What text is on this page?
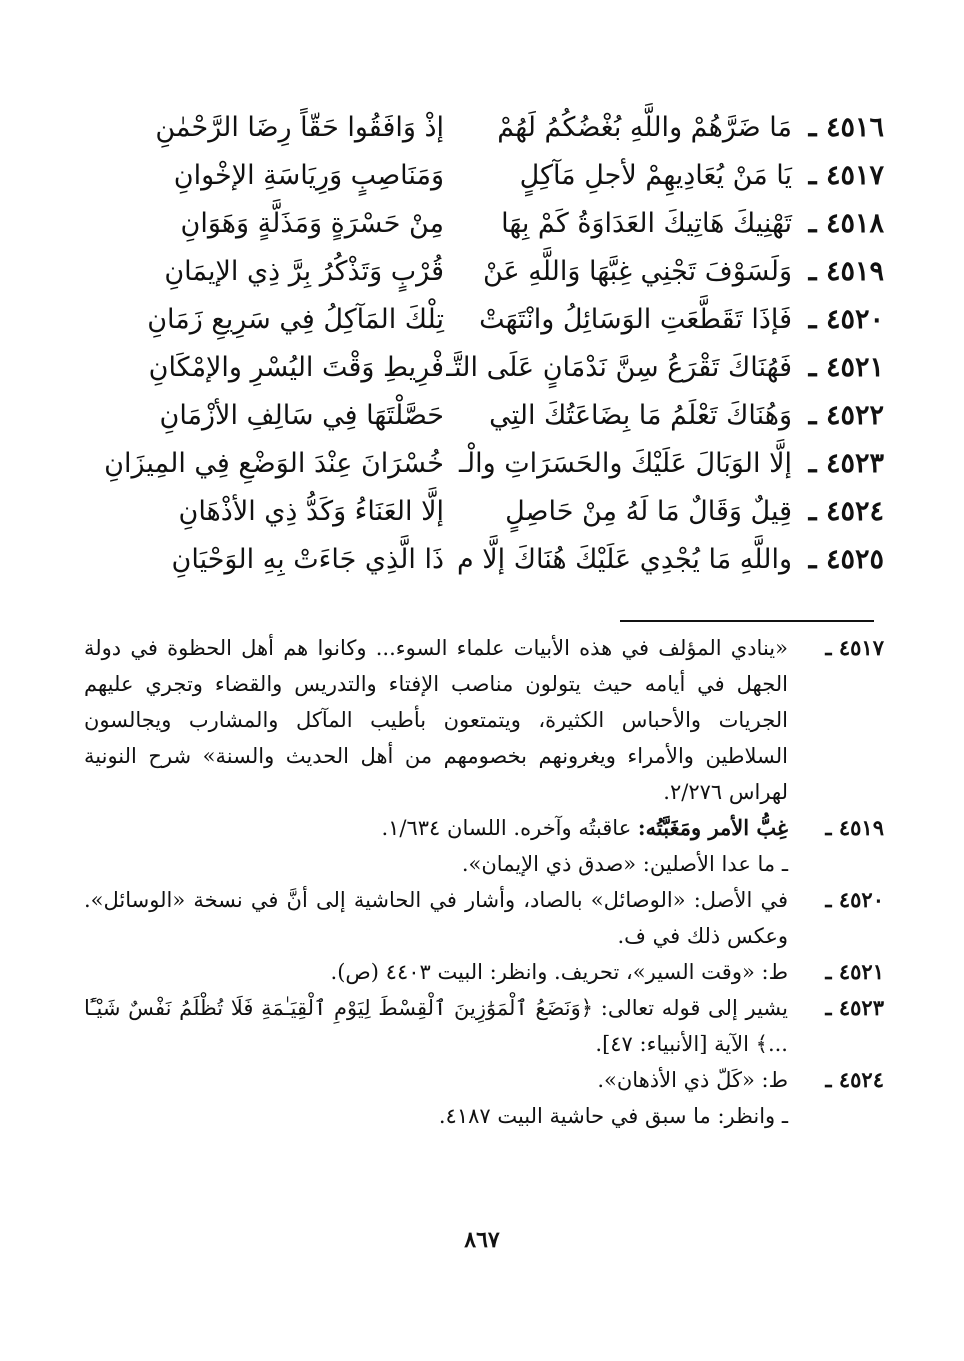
٤٥١٦ ـ
مَا ضَرَّهُمْ واللَّهِ بُغْضُكُمُ لَهُمْ
إذْ وَافَقُوا حَقّاً رِضَا الرَّحْمٰنِ
٤٥١٧ ـ
يَا مَنْ يُعَادِيهِمْ لأجلِ مَآكِلٍ
وَمَنَاصِبٍ وَرِيَاسَةِ الإخْوانِ
٤٥١٨ ـ
تَهْنِيكَ هَاتِيكَ العَدَاوَةُ كَمْ بِهَا
مِنْ حَسْرَةٍ وَمَذَلَّةٍ وَهَوَانِ
٤٥١٩ ـ
وَلَسَوْفَ تَجْنِي غِبَّهَا وَاللَّهِ عَنْ
قُرْبٍ وَتَذْكُرُ بِرَّ ذِي الإيمَانِ
٤٥٢٠ ـ
فَإذَا تَقَطَّعَتِ الوَسَائِلُ وانْتَهَتْ
تِلْكَ المَآكِلُ فِي سَرِيعِ زَمَانِ
٤٥٢١ ـ
فَهُنَاكَ تَقْرَعُ سِنَّ نَدْمَانٍ عَلَى التَّـ
فْرِيطِ وَقْتَ اليُسْرِ والإمْكَانِ
٤٥٢٢ ـ
وَهُنَاكَ تَعْلَمُ مَا بِضَاعَتُكَ التِي
حَصَّلْتَهَا فِي سَالِفِ الأزْمَانِ
٤٥٢٣ ـ
إلَّا الوَبَالَ عَلَيْكَ والحَسَرَاتِ والْـ
خُسْرَانَ عِنْدَ الوَضْعِ فِي المِيزَانِ
٤٥٢٤ ـ
قِيلٌ وَقَالٌ مَا لَهُ مِنْ حَاصِلٍ
إلَّا العَنَاءُ وَكَدُّ ذِي الأذْهَانِ
٤٥٢٥ ـ
واللَّهِ مَا يُجْدِي عَلَيْكَ هُنَاكَ إلَّا م
ذَا الَّذِي جَاءَتْ بِهِ الوَحْيَانِ
٤٥١٧ ـ
«ينادي المؤلف في هذه الأبيات علماء السوء... وكانوا هم أهل الحظوة في دولة الجهل في أيامه حيث يتولون مناصب الإفتاء والتدريس والقضاء وتجري عليهم الجريات والأحباس الكثيرة، ويتمتعون بأطيب المآكل والمشارب ويجالسون السلاطين والأمراء ويغرونهم بخصومهم من أهل الحديث والسنة» شرح النونية لهراس ٢/٢٧٦.
٤٥١٩ ـ
غِبُّ الأمر ومَغَبَّتُه: عاقبتُه وآخره. اللسان ١/٦٣٤.
ـ ما عدا الأصلين: «صدق ذي الإيمان».
٤٥٢٠ ـ
في الأصل: «الوصائل» بالصاد، وأشار في الحاشية إلى أنَّ في نسخة «الوسائل». وعكس ذلك في ف.
٤٥٢١ ـ
ط: «وقت السير»، تحريف. وانظر: البيت ٤٤٠٣ (ص).
٤٥٢٣ ـ
يشير إلى قوله تعالى: ﴿وَنَضَعُ ٱلْمَوَٰزِينَ ٱلْقِسْطَ لِيَوْمِ ٱلْقِيَـٰمَةِ فَلَا تُظْلَمُ نَفْسٌ شَيْـًٔا ...﴾ الآية [الأنبياء: ٤٧].
٤٥٢٤ ـ
ط: «كَلّ ذي الأذهان».
ـ وانظر: ما سبق في حاشية البيت ٤١٨٧.
٨٦٧
